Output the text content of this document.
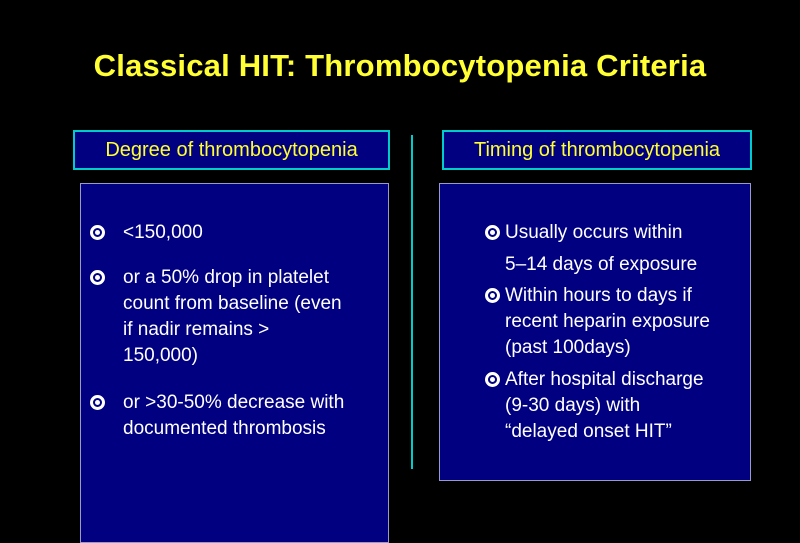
Classical HIT: Thrombocytopenia Criteria
Degree of thrombocytopenia	Timing of thrombocytopenia
<150,000
or a 50% drop in platelet
count from baseline (even
if nadir remains >
150,000)
or >30-50% decrease with
documented thrombosis
Usually occurs within
5–14 days of exposure
Within hours to days if
recent heparin exposure
(past 100days)
After hospital discharge
(9-30 days) with
“delayed onset HIT”
